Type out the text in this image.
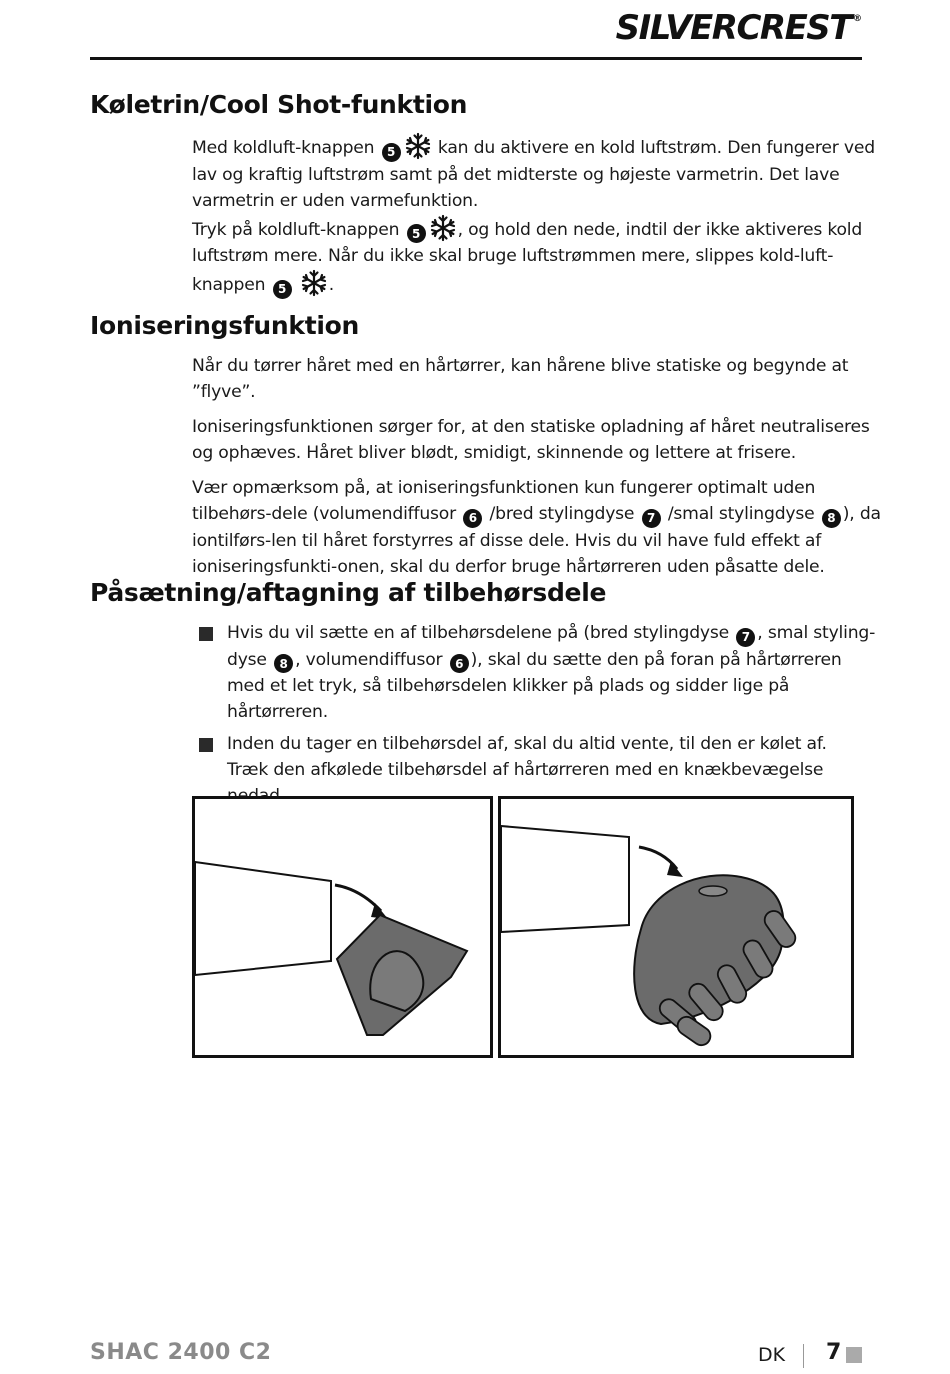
SILVERCREST ®
Køletrin/Cool Shot-funktion

Med koldluft-knappen 5 kan du aktivere en kold luftstrøm. Den fungerer ved lav og kraftig luftstrøm samt på det midterste og højeste varmetrin. Det lave varmetrin er uden varmefunktion.

Tryk på koldluft-knappen 5 , og hold den nede, indtil der ikke aktiveres kold luftstrøm mere. Når du ikke skal bruge luftstrømmen mere, slippes kold-luft-knappen 5 .

Ioniseringsfunktion

Når du tørrer håret med en hårtørrer, kan hårene blive statiske og begynde at ”flyve”.

Ioniseringsfunktionen sørger for, at den statiske opladning af håret neutraliseres og ophæves. Håret bliver blødt, smidigt, skinnende og lettere at frisere.

Vær opmærksom på, at ioniseringsfunktionen kun fungerer optimalt uden tilbehørs-dele (volumendiffusor 6 /bred stylingdyse 7 /smal stylingdyse 8 ), da iontilførs-len til håret forstyrres af disse dele. Hvis du vil have fuld effekt af ioniseringsfunkti-onen, skal du derfor bruge hårtørreren uden påsatte dele.

Påsætning/aftagning af tilbehørsdele
Hvis du vil sætte en af tilbehørsdelene på (bred stylingdyse 7 , smal styling-dyse 8 , volumendiffusor 6 ), skal du sætte den på foran på hårtørreren med et let tryk, så tilbehørsdelen klikker på plads og sidder lige på hårtørreren.
Inden du tager en tilbehørsdel af, skal du altid vente, til den er kølet af.
Træk den afkølede tilbehørsdel af hårtørreren med en knækbevægelse
SHAC 2400 C2	DK 7
